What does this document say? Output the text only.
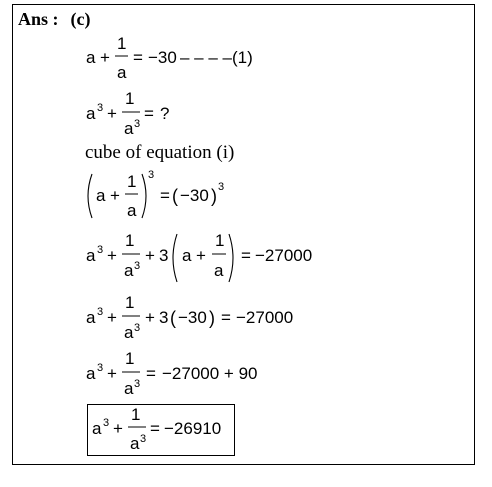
Ans : (c)
a +
1
a
= −30 – – – –(1)
a 3 +
1
a 3
= ?
cube of equation (i)
a +
1
a
3
= ( −30 ) 3
a 3 +
1
a 3
+ 3 a +
1
a
= −27000
a 3 +
1
a 3
+ 3 ( −30 ) = −27000
a 3 +
1
a 3
= −27000 + 90
a 3 +
1
a 3
= −26910
